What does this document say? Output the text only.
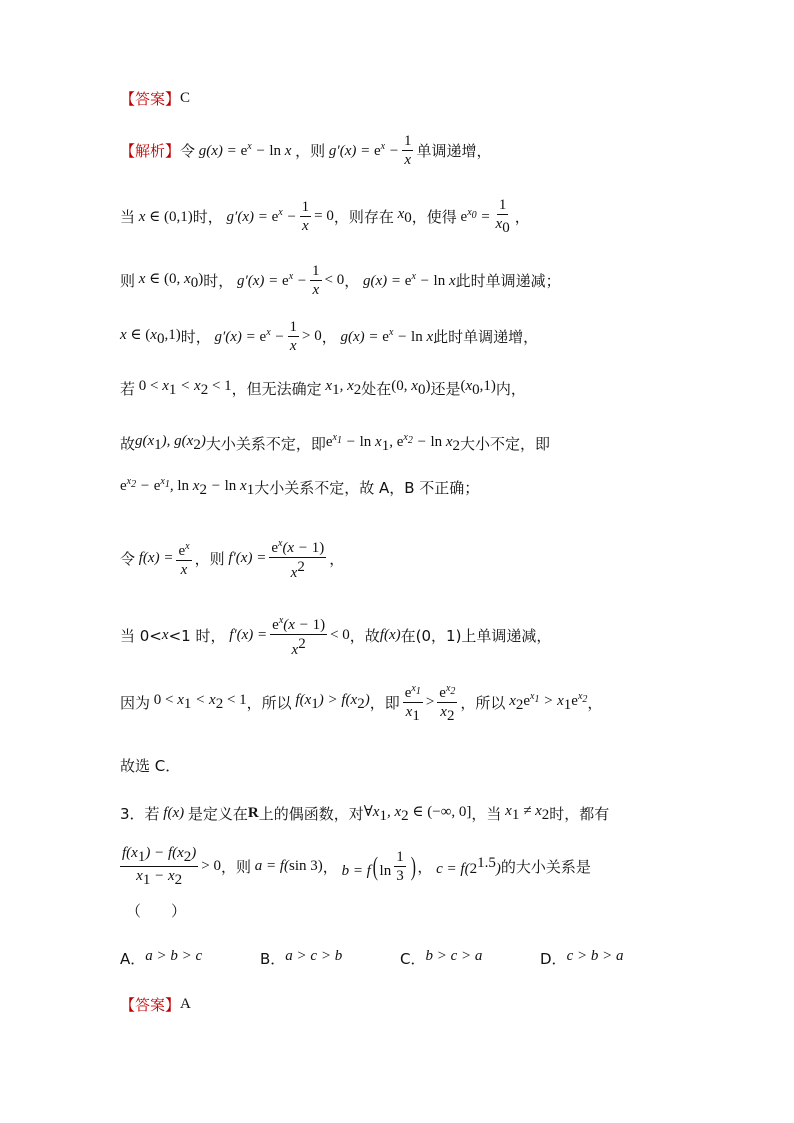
【答案】 C
【解析】 令 $g(x) = e^x - \ln x$ ，则 $g'(x) = e^x - \frac{1}{x}$ 单调递增，
当 x ∈ (0,1) 时， $g'(x) = e^x - \frac{1}{x} = 0$ ，则存在 $x_0$ ，使得 $e^{x_0} = \frac{1}{x_0}$ ，
则 x ∈ (0, $x_0$) 时， $g'(x) = e^x - \frac{1}{x} < 0$ ， $g(x) = e^x - \ln x$ 此时单调递减；
x ∈ $(x_0,1)$ 时， $g'(x) = e^x - \frac{1}{x} > 0$ ， $g(x) = e^x - \ln x$ 此时单调递增，
若 $0 < x_1 < x_2 < 1$ ，但无法确定 $x_1$, $x_2$ 处在 (0, $x_0$) 还是 $(x_0,1)$ 内，
故 $g(x_1)$, $g(x_2)$ 大小关系不定，即 $e^{x_1} - \ln x_1$, $e^{x_2} - \ln x_2$ 大小不定，即
$e^{x_2} - e^{x_1}$, $\ln x_2 - \ln x_1$ 大小关系不定，故 A，B 不正确；
令 $f(x) = \frac{e^x}{x}$ ，则 $f'(x) = \frac{e^x(x - 1)}{x^2}$ ，
当 0< x <1 时， $f'(x) = \frac{e^x(x - 1)}{x^2} < 0$ ，故 f(x) 在(0，1)上单调递减，
因为 $0 < x_1 < x_2 < 1$ ，所以 $f(x_1) > f(x_2)$ ，即 $\frac{e^{x_1}}{x_1} > \frac{e^{x_2}}{x_2}$ ，所以 $x_2e^{x_1} > x_1e^{x_2}$ ，
故选 C．
3．若 f(x) 是定义在 R 上的偶函数，对 $\forall x_1$, $x_2$ ∈ (−∞, 0] ，当 $x_1 \ne x_2$ 时，都有
$\frac{f(x_1) - f(x_2)}{x_1 - x_2} > 0$ ，则 a = f(sin 3) ， b = f( $\ln \frac{1}{3}$ ) ， $c = f(2^{1.5})$ 的大小关系是
（　　）
A． a > b > c	B． a > c > b	C． b > c > a	D． c > b > a
【答案】 A
